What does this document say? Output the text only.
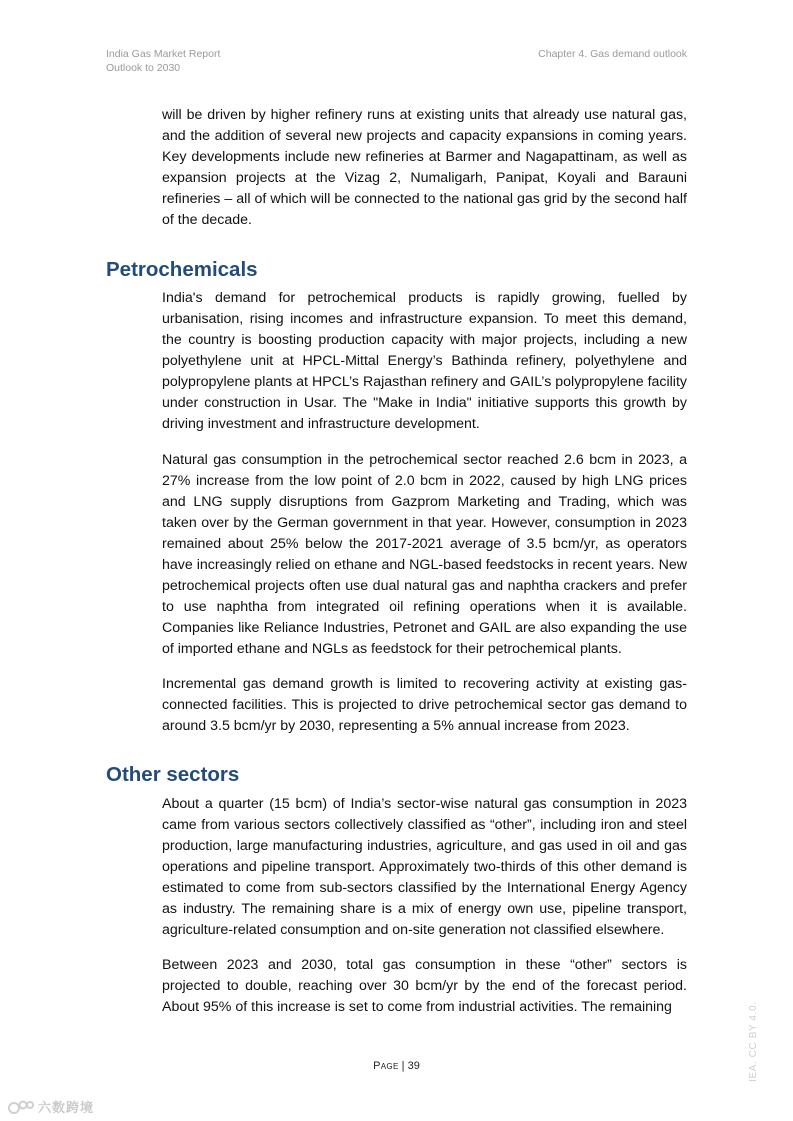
India Gas Market Report
Outlook to 2030
Chapter 4. Gas demand outlook

will be driven by higher refinery runs at existing units that already use natural gas, and the addition of several new projects and capacity expansions in coming years. Key developments include new refineries at Barmer and Nagapattinam, as well as expansion projects at the Vizag 2, Numaligarh, Panipat, Koyali and Barauni refineries – all of which will be connected to the national gas grid by the second half of the decade.

Petrochemicals

India's demand for petrochemical products is rapidly growing, fuelled by urbanisation, rising incomes and infrastructure expansion. To meet this demand, the country is boosting production capacity with major projects, including a new polyethylene unit at HPCL-Mittal Energy’s Bathinda refinery, polyethylene and polypropylene plants at HPCL’s Rajasthan refinery and GAIL’s polypropylene facility under construction in Usar. The "Make in India" initiative supports this growth by driving investment and infrastructure development.

Natural gas consumption in the petrochemical sector reached 2.6 bcm in 2023, a 27% increase from the low point of 2.0 bcm in 2022, caused by high LNG prices and LNG supply disruptions from Gazprom Marketing and Trading, which was taken over by the German government in that year. However, consumption in 2023 remained about 25% below the 2017-2021 average of 3.5 bcm/yr, as operators have increasingly relied on ethane and NGL-based feedstocks in recent years. New petrochemical projects often use dual natural gas and naphtha crackers and prefer to use naphtha from integrated oil refining operations when it is available. Companies like Reliance Industries, Petronet and GAIL are also expanding the use of imported ethane and NGLs as feedstock for their petrochemical plants.

Incremental gas demand growth is limited to recovering activity at existing gas-connected facilities. This is projected to drive petrochemical sector gas demand to around 3.5 bcm/yr by 2030, representing a 5% annual increase from 2023.

Other sectors

About a quarter (15 bcm) of India’s sector-wise natural gas consumption in 2023 came from various sectors collectively classified as “other”, including iron and steel production, large manufacturing industries, agriculture, and gas used in oil and gas operations and pipeline transport. Approximately two-thirds of this other demand is estimated to come from sub-sectors classified by the International Energy Agency as industry. The remaining share is a mix of energy own use, pipeline transport, agriculture-related consumption and on-site generation not classified elsewhere.

Between 2023 and 2030, total gas consumption in these “other” sectors is projected to double, reaching over 30 bcm/yr by the end of the forecast period. About 95% of this increase is set to come from industrial activities. The remaining

Page | 39	IEA. CC BY 4.0.
六数跨境
